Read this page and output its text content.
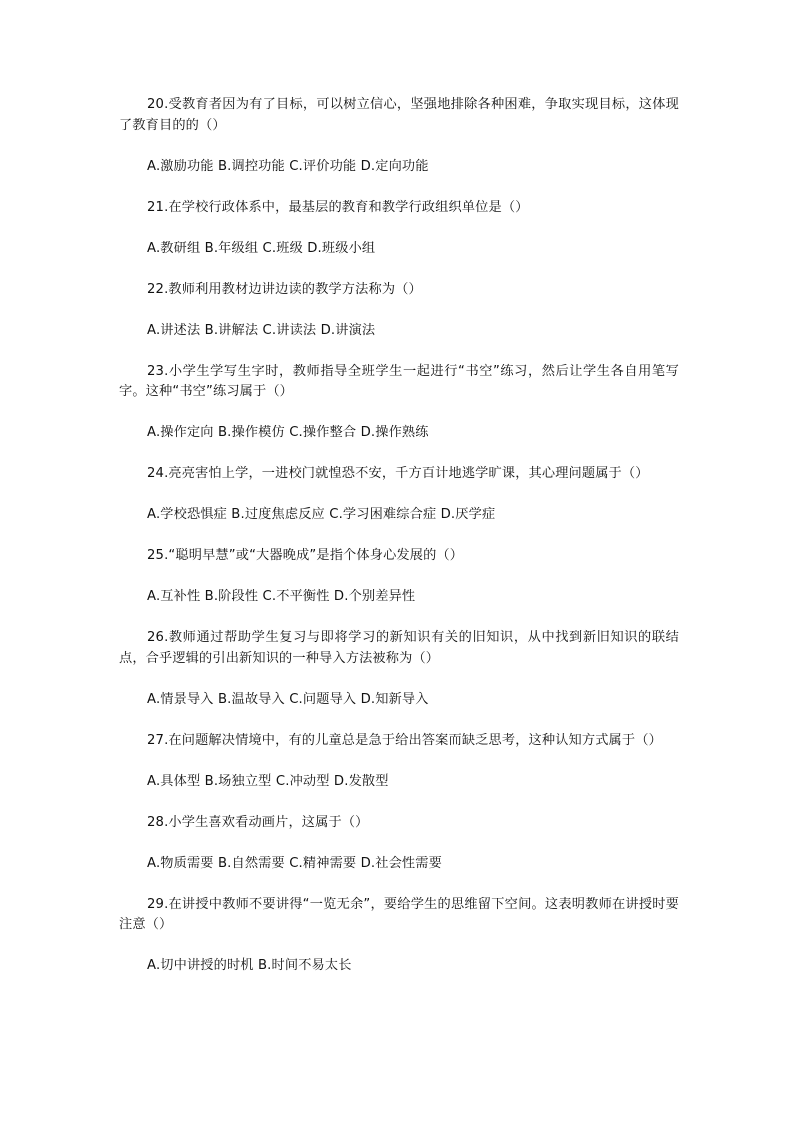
20.受教育者因为有了目标，可以树立信心，坚强地排除各种困难，争取实现目标，这体现了教育目的的（）

A.激励功能 B.调控功能 C.评价功能 D.定向功能

21.在学校行政体系中，最基层的教育和教学行政组织单位是（）

A.教研组 B.年级组 C.班级 D.班级小组

22.教师利用教材边讲边读的教学方法称为（）

A.讲述法 B.讲解法 C.讲读法 D.讲演法

23.小学生学写生字时，教师指导全班学生一起进行“书空”练习，然后让学生各自用笔写字。这种“书空”练习属于（）

A.操作定向 B.操作模仿 C.操作整合 D.操作熟练

24.亮亮害怕上学，一进校门就惶恐不安，千方百计地逃学旷课，其心理问题属于（）

A.学校恐惧症 B.过度焦虑反应 C.学习困难综合症 D.厌学症

25.“聪明早慧”或“大器晚成”是指个体身心发展的（）

A.互补性 B.阶段性 C.不平衡性 D.个别差异性

26.教师通过帮助学生复习与即将学习的新知识有关的旧知识，从中找到新旧知识的联结点，合乎逻辑的引出新知识的一种导入方法被称为（）

A.情景导入 B.温故导入 C.问题导入 D.知新导入

27.在问题解决情境中，有的儿童总是急于给出答案而缺乏思考，这种认知方式属于（）

A.具体型 B.场独立型 C.冲动型 D.发散型

28.小学生喜欢看动画片，这属于（）

A.物质需要 B.自然需要 C.精神需要 D.社会性需要

29.在讲授中教师不要讲得“一览无余”，要给学生的思维留下空间。这表明教师在讲授时要注意（）

A.切中讲授的时机 B.时间不易太长
